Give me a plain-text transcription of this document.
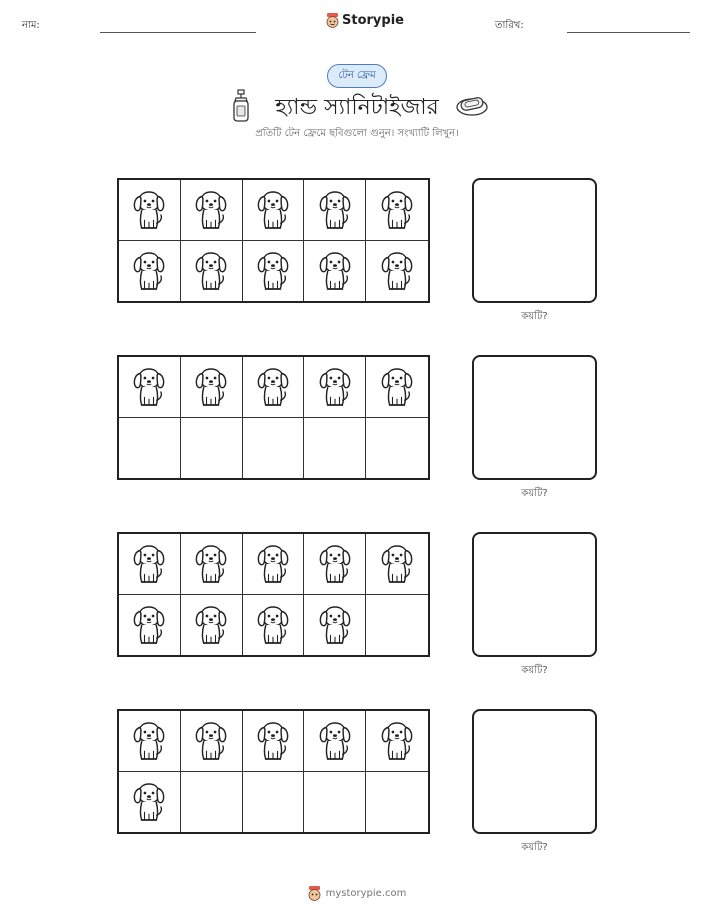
নাম:	Storypie	তারিখ:
টেন ফ্রেম
হ্যান্ড স্যানিটাইজার
প্রতিটি টেন ফ্রেমে ছবিগুলো গুনুন। সংখ্যাটি লিখুন।
কয়টি?
কয়টি?
কয়টি?
কয়টি?
mystorypie.com
